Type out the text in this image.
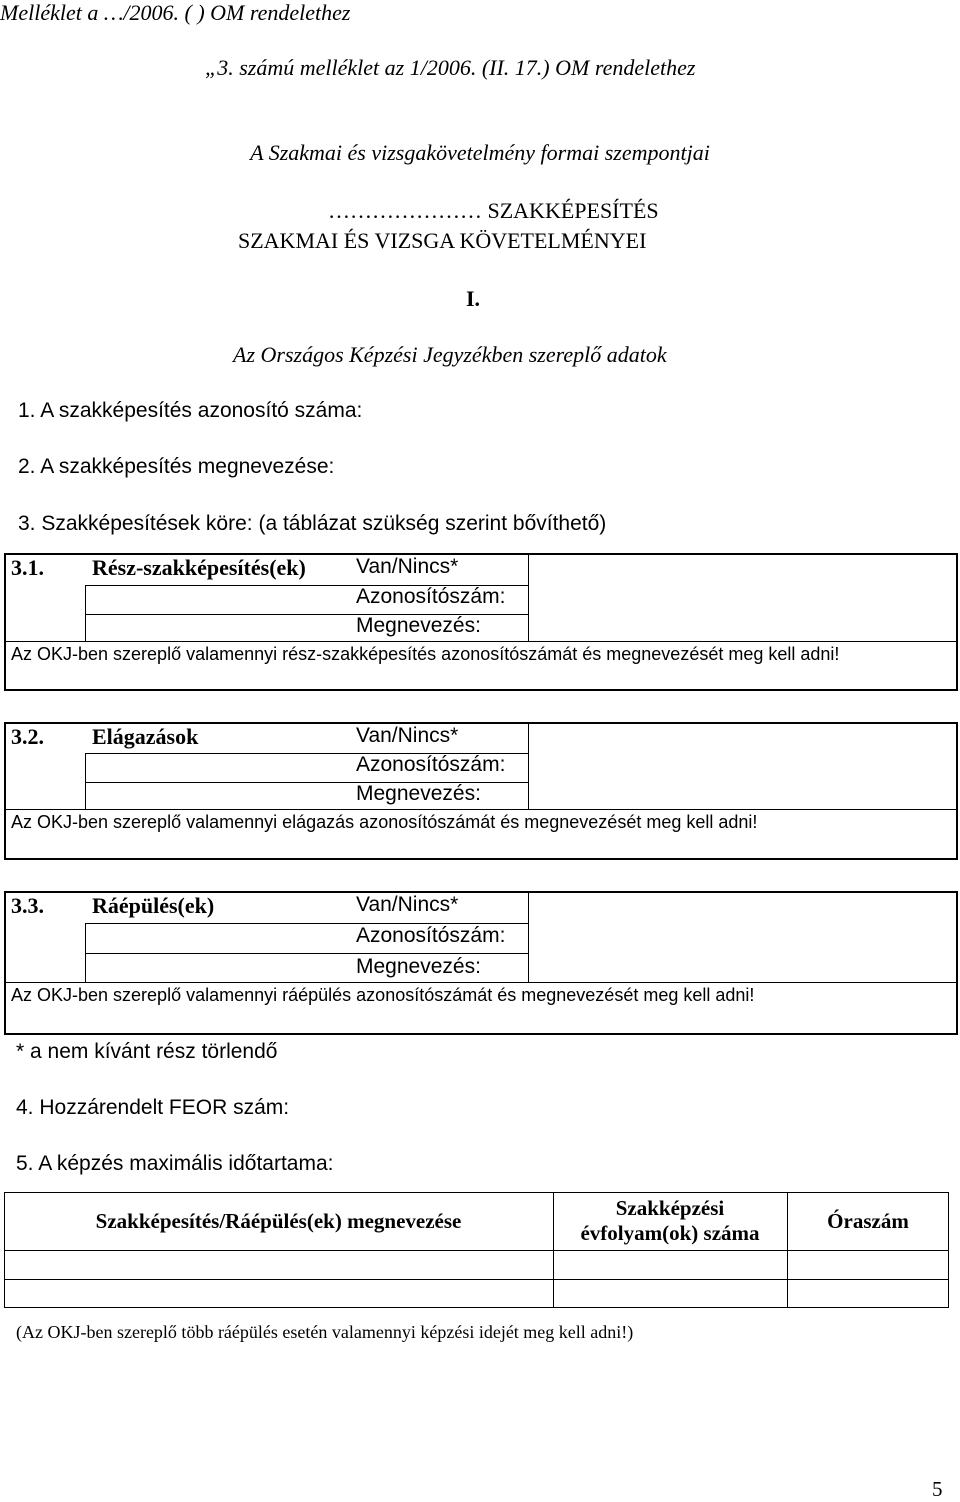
Melléklet a …/2006. ( ) OM rendelethez
„3. számú melléklet az 1/2006. (II. 17.) OM rendelethez
A Szakmai és vizsgakövetelmény formai szempontjai
………………… SZAKKÉPESÍTÉS
SZAKMAI ÉS VIZSGA KÖVETELMÉNYEI
I.
Az Országos Képzési Jegyzékben szereplő adatok
1. A szakképesítés azonosító száma:
2. A szakképesítés megnevezése:
3. Szakképesítések köre: (a táblázat szükség szerint bővíthető)
3.1. Rész-szakképesítés(ek) Van/Nincs*
Azonosítószám:
Megnevezés:
Az OKJ-ben szereplő valamennyi rész-szakképesítés azonosítószámát és megnevezését meg kell adni!
3.2. Elágazások	Van/Nincs*
Azonosítószám:
Megnevezés:
Az OKJ-ben szereplő valamennyi elágazás azonosítószámát és megnevezését meg kell adni!
3.3. Ráépülés(ek)	Van/Nincs*
Azonosítószám:
Megnevezés:
Az OKJ-ben szereplő valamennyi ráépülés azonosítószámát és megnevezését meg kell adni!
* a nem kívánt rész törlendő
4. Hozzárendelt FEOR szám:
5. A képzés maximális időtartama:
Szakképesítés/Ráépülés(ek) megnevezése
Szakképzési
évfolyam(ok) száma
Óraszám
(Az OKJ-ben szereplő több ráépülés esetén valamennyi képzési idejét meg kell adni!)
5
